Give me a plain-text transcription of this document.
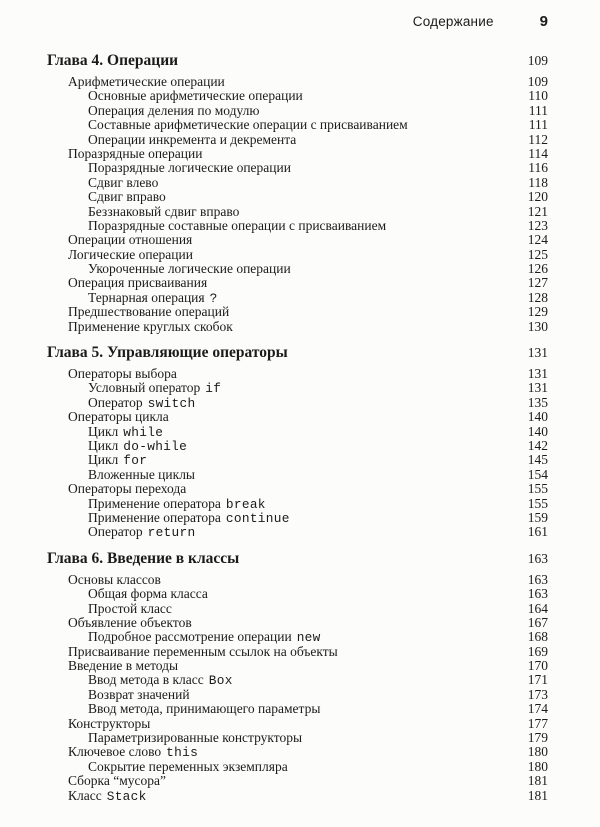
Содержание	9
Глава 4. Операции	109
Арифметические операции	109
Основные арифметические операции	110
Операция деления по модулю	111
Составные арифметические операции с присваиванием	111
Операции инкремента и декремента	112
Поразрядные операции	114
Поразрядные логические операции	116
Сдвиг влево	118
Сдвиг вправо	120
Беззнаковый сдвиг вправо	121
Поразрядные составные операции с присваиванием	123
Операции отношения	124
Логические операции	125
Укороченные логические операции	126
Операция присваивания	127
Тернарная операция ?	128
Предшествование операций	129
Применение круглых скобок	130
Глава 5. Управляющие операторы	131
Операторы выбора	131
Условный оператор if	131
Оператор switch	135
Операторы цикла	140
Цикл while	140
Цикл do-while	142
Цикл for	145
Вложенные циклы	154
Операторы перехода	155
Применение оператора break	155
Применение оператора continue	159
Оператор return	161
Глава 6. Введение в классы	163
Основы классов	163
Общая форма класса	163
Простой класс	164
Объявление объектов	167
Подробное рассмотрение операции new	168
Присваивание переменным ссылок на объекты	169
Введение в методы	170
Ввод метода в класс Box	171
Возврат значений	173
Ввод метода, принимающего параметры	174
Конструкторы	177
Параметризированные конструкторы	179
Ключевое слово this	180
Сокрытие переменных экземпляра	180
Сборка “мусора”	181
Класс Stack	181
